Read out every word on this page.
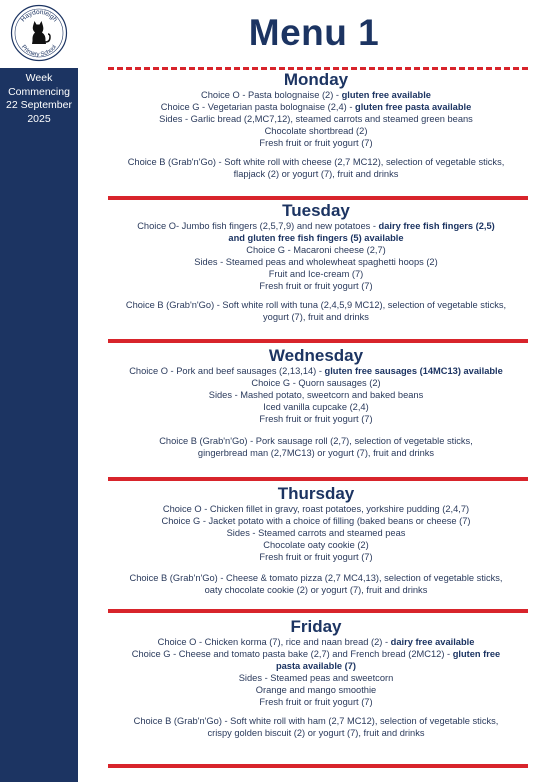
Haydonleigh
Primary School
Week
Commencing
22 September
2025
Menu 1
Monday
Choice O - Pasta bolognaise (2) - gluten free available
Choice G - Vegetarian pasta bolognaise (2,4) - gluten free pasta available
Sides - Garlic bread (2,MC7,12), steamed carrots and steamed green beans
Chocolate shortbread (2)
Fresh fruit or fruit yogurt (7)
Choice B (Grab'n'Go) - Soft white roll with cheese (2,7 MC12), selection of vegetable sticks,
flapjack (2) or yogurt (7), fruit and drinks
Tuesday
Choice O- Jumbo fish fingers (2,5,7,9) and new potatoes - dairy free fish fingers (2,5)
and gluten free fish fingers (5) available
Choice G - Macaroni cheese (2,7)
Sides - Steamed peas and wholewheat spaghetti hoops (2)
Fruit and Ice-cream (7)
Fresh fruit or fruit yogurt (7)
Choice B (Grab'n'Go) - Soft white roll with tuna (2,4,5,9 MC12), selection of vegetable sticks,
yogurt (7), fruit and drinks
Wednesday
Choice O - Pork and beef sausages (2,13,14) - gluten free sausages (14MC13) available
Choice G - Quorn sausages (2)
Sides - Mashed potato, sweetcorn and baked beans
Iced vanilla cupcake (2,4)
Fresh fruit or fruit yogurt (7)
Choice B (Grab'n'Go) - Pork sausage roll (2,7), selection of vegetable sticks,
gingerbread man (2,7MC13) or yogurt (7), fruit and drinks
Thursday
Choice O - Chicken fillet in gravy, roast potatoes, yorkshire pudding (2,4,7)
Choice G - Jacket potato with a choice of filling (baked beans or cheese (7)
Sides - Steamed carrots and steamed peas
Chocolate oaty cookie (2)
Fresh fruit or fruit yogurt (7)
Choice B (Grab'n'Go) - Cheese & tomato pizza (2,7 MC4,13), selection of vegetable sticks,
oaty chocolate cookie (2) or yogurt (7), fruit and drinks
Friday
Choice O - Chicken korma (7), rice and naan bread (2) - dairy free available
Choice G - Cheese and tomato pasta bake (2,7) and French bread (2MC12) - gluten free
pasta available (7)
Sides - Steamed peas and sweetcorn
Orange and mango smoothie
Fresh fruit or fruit yogurt (7)
Choice B (Grab'n'Go) - Soft white roll with ham (2,7 MC12), selection of vegetable sticks,
crispy golden biscuit (2) or yogurt (7), fruit and drinks
